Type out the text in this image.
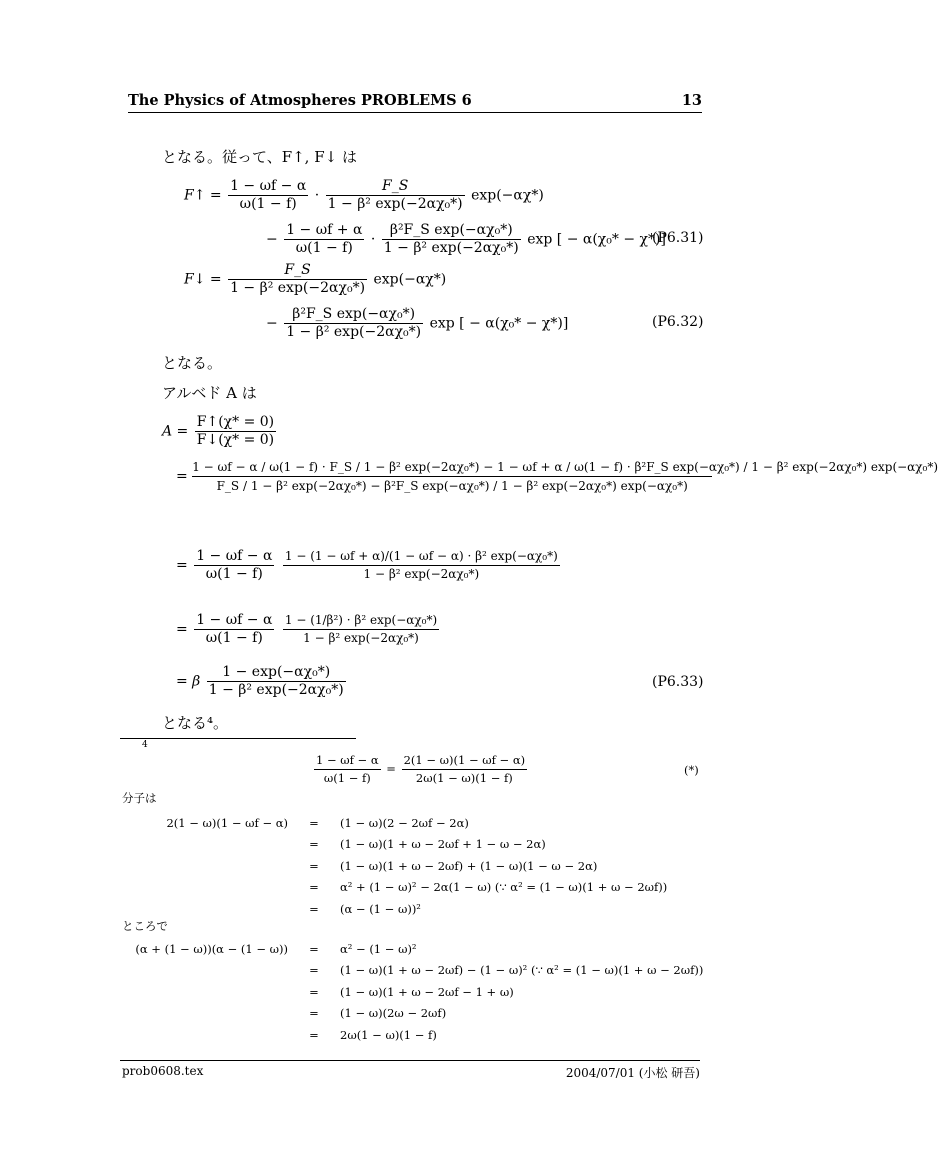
The Physics of Atmospheres PROBLEMS 6	13
となる。従って、F↑, F↓ は
F↑ = $\frac{1 - \omega f - \alpha}{\omega(1 - f)} \cdot \frac{F\_S}{\text{1 − β² exp(−2αχ₀*)}} \exp(-\alpha\chi*)$
− $\frac{1 - \omega f + \alpha}{\omega(1 - f)} \cdot \frac{\text{β²F\_S exp(−αχ₀*)}}{\text{1 − β² exp(−2αχ₀*)}}$ exp [ − α(χ₀* − χ*)]
(P6.31)
F↓ = $\frac{F\_S}{\text{1 − β² exp(−2αχ₀*)}} \exp(-\alpha\chi*)$
− $\frac{\text{β²F\_S exp(−αχ₀*)}}{\text{1 − β² exp(−2αχ₀*)}}$ exp [ − α(χ₀* − χ*)]	(P6.32)
となる。
アルベド A は
$A = \frac{F↑(\chi* = 0)}{F↓(\chi* = 0)}$
=
1 − ωf − α / ω(1 − f) · F_S / 1 − β² exp(−2αχ₀*) − 1 − ωf + α / ω(1 − f) · β²F_S exp(−αχ₀*) / 1 − β² exp(−2αχ₀*) exp(−αχ₀*)
F_S / 1 − β² exp(−2αχ₀*) − β²F_S exp(−αχ₀*) / 1 − β² exp(−2αχ₀*) exp(−αχ₀*)
= $\frac{1 - \omega f - \alpha}{\omega(1 - f)}$
$\frac{\text{1 − (1 − ωf + α)/(1 − ωf − α) · β² exp(−αχ₀*)}}{\text{1 − β² exp(−2αχ₀*)}}$
= $\frac{1 - \omega f - \alpha}{\omega(1 - f)}$
$\frac{\text{1 − (1/β²) · β² exp(−αχ₀*)}}{\text{1 − β² exp(−2αχ₀*)}}$
= β $\frac{\text{1 − exp(−αχ₀*)}}{\text{1 − β² exp(−2αχ₀*)}}$	(P6.33)
となる⁴。
4
$\frac{1 - \omega f - \alpha}{\omega(1 - f)} = \frac{2(1 - \omega)(1 - \omega f - \alpha)}{2\omega(1 - \omega)(1 - f)}$	(*)
分子は
2(1 − ω)(1 − ωf − α)	=	(1 − ω)(2 − 2ωf − 2α)
	=	(1 − ω)(1 + ω − 2ωf + 1 − ω − 2α)
	=	(1 − ω)(1 + ω − 2ωf) + (1 − ω)(1 − ω − 2α)
	=	α² + (1 − ω)² − 2α(1 − ω) (∵ α² = (1 − ω)(1 + ω − 2ωf))
	=	(α − (1 − ω))²
ところで
(α + (1 − ω))(α − (1 − ω))	=	α² − (1 − ω)²
	=	(1 − ω)(1 + ω − 2ωf) − (1 − ω)² (∵ α² = (1 − ω)(1 + ω − 2ωf))
	=	(1 − ω)(1 + ω − 2ωf − 1 + ω)
	=	(1 − ω)(2ω − 2ωf)
	=	2ω(1 − ω)(1 − f)
prob0608.tex	2004/07/01 (小松 研吾)
